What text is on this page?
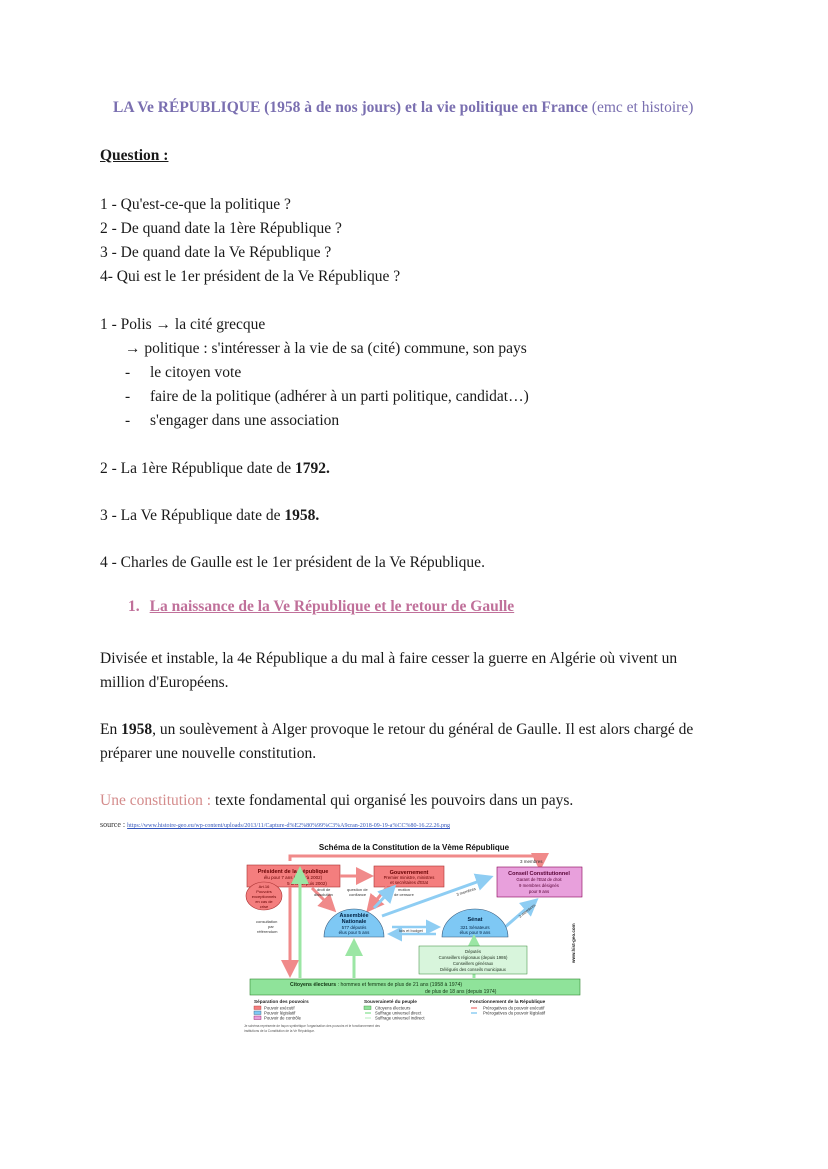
LA Ve RÉPUBLIQUE (1958 à de nos jours) et la vie politique en France (emc et histoire)
Question :
1 - Qu'est-ce-que la politique ?
2 - De quand date la 1ère République ?
3 - De quand date la Ve République ?
4- Qui est le 1er président de la Ve République ?
1 - Polis → la cité grecque
→ politique : s'intéresser à la vie de sa (cité) commune, son pays
- le citoyen vote
- faire de la politique (adhérer à un parti politique, candidat…)
- s'engager dans une association
2 - La 1ère République date de 1792.
3 - La Ve République date de 1958.
4 - Charles de Gaulle est le 1er président de la Ve République.
1. La naissance de la Ve République et le retour de Gaulle
Divisée et instable, la 4e République a du mal à faire cesser la guerre en Algérie où vivent un
million d'Européens.
En 1958, un soulèvement à Alger provoque le retour du général de Gaulle. Il est alors chargé de
préparer une nouvelle constitution.
Une constitution : texte fondamental qui organisé les pouvoirs dans un pays.
source : https://www.histoire-geo.eu/wp-content/uploads/2013/11/Capture-d%E2%80%99%C3%A9cran-2018-09-19-a%CC%80-16.22.26.png
Schéma de la Constitution de la Vème République
3 membres
Président de la République
élu pour 7 ans (jusqu'à 2002)
5 ans (depuis 2002)
Art.16
Pouvoirs
exceptionnels
en cas de
crise
Gouvernement
Premier ministre, ministres
et secrétaires d'Etat
Conseil Constitutionnel
Garant de l'Etat de droit
9 membres désignés
pour 9 ans
droit de
dissolution
question de
confiance
motion
de censure	3 membres
3 membres
Assemblée
Nationale
577 députés
élus pour 5 ans
Sénat
321 Sénateurs
élus pour 9 ans
lois et budget
consultation
par
référendum
Députés
Conseillers régionaux (depuis 1986)
Conseillers généraux
Délégués des conseils municipaux
Citoyens électeurs : hommes et femmes de plus de 21 ans (1958 à 1974)
de plus de 18 ans (depuis 1974)
www.hist-geo.com
Séparation des pouvoirs
Pouvoir exécutif
Pouvoir législatif
Pouvoir de contrôle
Souveraineté du peuple
Citoyens électeurs
Suffrage universel direct
Suffrage universel indirect
Fonctionnement de la République
Prérogatives du pouvoir exécutif
Prérogatives du pouvoir législatif
Je schéma représente de façon synthétique l'organisation des pouvoirs et le fonctionnement des
institutions de la Constitution de la Ve République.
